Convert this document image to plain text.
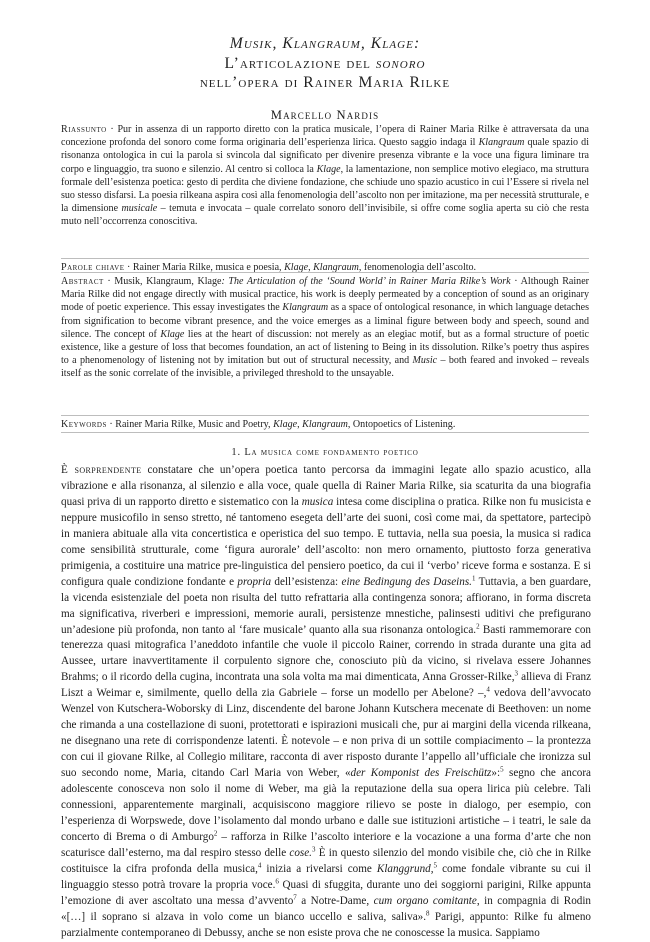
Musik, Klangraum, Klage:
L’articolazione del sonoro
nell’opera di Rainer Maria Rilke
Marcello Nardis
Riassunto · Pur in assenza di un rapporto diretto con la pratica musicale, l’opera di Rainer Maria Rilke è attraversata da una concezione profonda del sonoro come forma originaria dell’esperienza lirica. Questo saggio indaga il Klangraum quale spazio di risonanza ontologica in cui la parola si svincola dal significato per divenire presenza vibrante e la voce una figura liminare tra corpo e linguaggio, tra suono e silenzio. Al centro si colloca la Klage, la lamentazione, non semplice motivo elegiaco, ma struttura formale dell’esistenza poetica: gesto di perdita che diviene fondazione, che schiude uno spazio acustico in cui l’Essere si rivela nel suo stesso disfarsi. La poesia rilkeana aspira così alla fenomenologia dell’ascolto non per imitazione, ma per necessità strutturale, e la dimensione musicale – temuta e invocata – quale correlato sonoro dell’invisibile, si offre come soglia aperta su ciò che resta muto nell’occorrenza conoscitiva.
Parole chiave · Rainer Maria Rilke, musica e poesia, Klage, Klangraum, fenomenologia dell’ascolto.
Abstract · Musik, Klangraum, Klage: The Articulation of the ‘Sound World’ in Rainer Maria Rilke’s Work · Although Rainer Maria Rilke did not engage directly with musical practice, his work is deeply permeated by a conception of sound as an originary mode of poetic experience. This essay investigates the Klangraum as a space of ontological resonance, in which language detaches from signification to become vibrant presence, and the voice emerges as a liminal figure between body and speech, sound and silence. The concept of Klage lies at the heart of discussion: not merely as an elegiac motif, but as a formal structure of poetic existence, like a gesture of loss that becomes foundation, an act of listening to Being in its dissolution. Rilke’s poetry thus aspires to a phenomenology of listening not by imitation but out of structural necessity, and Music – both feared and invoked – reveals itself as the sonic correlate of the invisible, a privileged threshold to the unsayable.
Keywords · Rainer Maria Rilke, Music and Poetry, Klage, Klangraum, Ontopoetics of Listening.
1. La musica come fondamento poetico
È sorprendente constatare che un’opera poetica tanto percorsa da immagini legate allo spazio acustico, alla vibrazione e alla risonanza, al silenzio e alla voce, quale quella di Rainer Maria Rilke, sia scaturita da una biografia quasi priva di un rapporto diretto e sistematico con la musica intesa come disciplina o pratica. Rilke non fu musicista e neppure musicofilo in senso stretto, né tantomeno esegeta dell’arte dei suoni, così come mai, da spettatore, partecipò in maniera abituale alla vita concertistica e operistica del suo tempo. E tuttavia, nella sua poesia, la musica si radica come sensibilità strutturale, come ‘figura aurorale’ dell’ascolto: non mero ornamento, piuttosto forza generativa primigenia, a costituire una matrice pre-linguistica del pensiero poetico, da cui il ‘verbo’ riceve forma e sostanza. E si configura quale condizione fondante e propria dell’esistenza: eine Bedingung des Daseins.$^1$ Tuttavia, a ben guardare, la vicenda esistenziale del poeta non risulta del tutto refrattaria alla contingenza sonora; affiorano, in forma discreta ma significativa, riverberi e impressioni, memorie aurali, persistenze mnestiche, palinsesti uditivi che prefigurano un’adesione più profonda, non tanto al ‘fare musicale’ quanto alla sua risonanza ontologica.$^2$ Basti rammemorare con tenerezza quasi mitografica l’aneddoto infantile che vuole il piccolo Rainer, correndo in strada durante una gita ad Aussee, urtare inavvertitamente il corpulento signore che, conosciuto più da vicino, si rivelava essere Johannes Brahms; o il ricordo della cugina, incontrata una sola volta ma mai dimenticata, Anna Grosser-Rilke,$^3$ allieva di Franz Liszt a Weimar e, similmente, quello della zia Gabriele – forse un modello per Abelone? –,$^4$ vedova dell’avvocato Wenzel von Kutschera-Woborsky di Linz, discendente del barone Johann Kutschera mecenate di Beethoven: un nome che rimanda a una costellazione di suoni, protettorati e ispirazioni musicali che, pur ai margini della vicenda rilkeana, ne disegnano una rete di corrispondenze latenti. È notevole – e non priva di un sottile compiacimento – la prontezza con cui il giovane Rilke, al Collegio militare, racconta di aver risposto durante l’appello all’ufficiale che ironizza sul suo secondo nome, Maria, citando Carl Maria von Weber, «der Komponist des Freischütz»:$^5$ segno che ancora adolescente conosceva non solo il nome di Weber, ma già la reputazione della sua opera lirica più celebre. Tali connessioni, apparentemente marginali, acquisiscono maggiore rilievo se poste in dialogo, per esempio, con l’esperienza di Worpswede, dove l’isolamento dal mondo urbano e dalle sue istituzioni artistiche – i teatri, le sale da concerto di Brema o di Amburgo$^2$ – rafforza in Rilke l’ascolto interiore e la vocazione a una forma d’arte che non scaturisce dall’esterno, ma dal respiro stesso delle cose.$^3$ È in questo silenzio del mondo visibile che, ciò che in Rilke costituisce la cifra profonda della musica,$^4$ inizia a rivelarsi come Klanggrund,$^5$ come fondale vibrante su cui il linguaggio stesso potrà trovare la propria voce.$^6$ Quasi di sfuggita, durante uno dei soggiorni parigini, Rilke appunta l’emozione di aver ascoltato una messa d’avvento$^7$ a Notre-Dame, cum organo comitante, in compagnia di Rodin «[…] il soprano si alzava in volo come un bianco uccello e saliva, saliva».$^8$ Parigi, appunto: Rilke fu almeno parzialmente contemporaneo di Debussy, anche se non esiste prova che ne conoscesse la musica. Sappiamo
